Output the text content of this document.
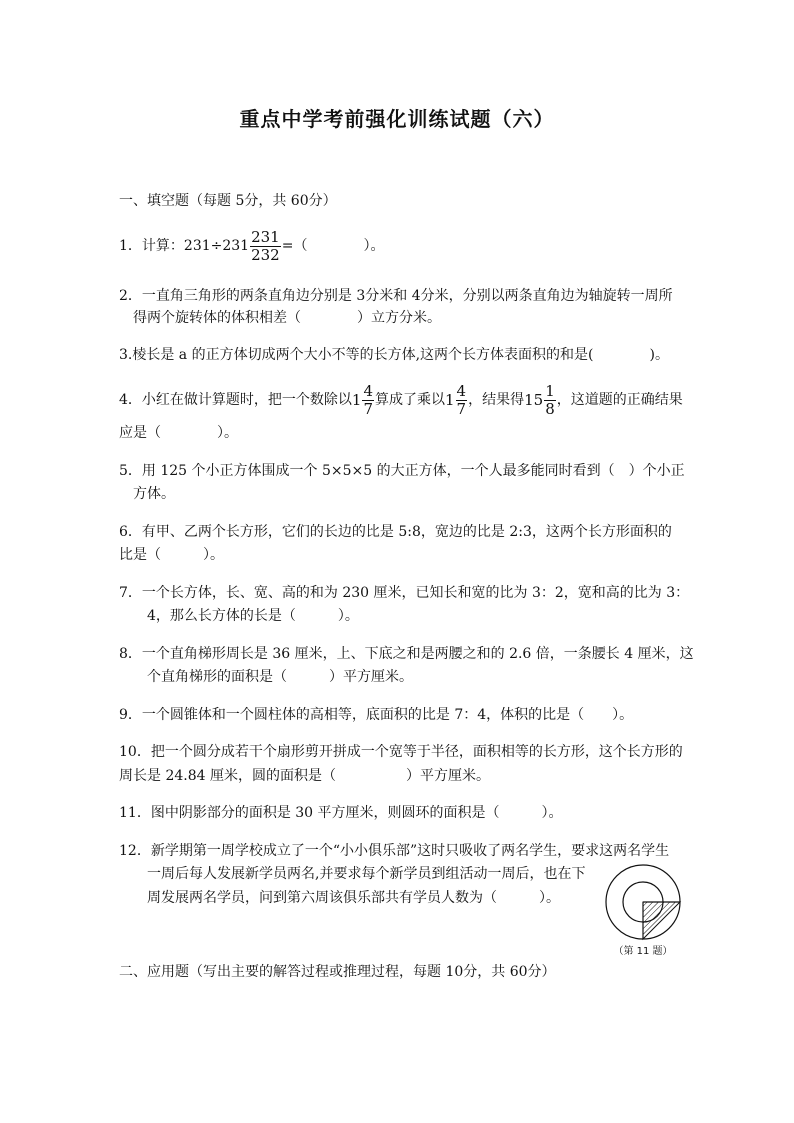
重点中学考前强化训练试题（六）
一、填空题（每题 5分，共 60分）
1．计算：$231\div 231 \frac{231}{232}$ =（　　　　）。
2．一直角三角形的两条直角边分别是 3分米和 4分米，分别以两条直角边为轴旋转一周所
得两个旋转体的体积相差（　　　　）立方分米。
3.棱长是 a 的正方体切成两个大小不等的长方体,这两个长方体表面积的和是(　　　　)。
4．小红在做计算题时，把一个数除以$1 \frac{4}{7}$ 算成了乘以$1 \frac{4}{7}$ ，结果得$15 \frac{1}{8}$ ，这道题的正确结果
应是（　　　　）。
5．用 125 个小正方体围成一个 5×5×5 的大正方体，一个人最多能同时看到（　）个小正
方体。
6．有甲、乙两个长方形，它们的长边的比是 5:8，宽边的比是 2:3，这两个长方形面积的
比是（　　　）。
7．一个长方体，长、宽、高的和为 230 厘米，已知长和宽的比为 3：2，宽和高的比为 3：
4，那么长方体的长是（　　　）。
8．一个直角梯形周长是 36 厘米，上、下底之和是两腰之和的 2.6 倍，一条腰长 4 厘米，这
个直角梯形的面积是（　　　）平方厘米。
9．一个圆锥体和一个圆柱体的高相等，底面积的比是 7：4，体积的比是（　　）。
10．把一个圆分成若干个扇形剪开拼成一个宽等于半径，面积相等的长方形，这个长方形的
周长是 24.84 厘米，圆的面积是（　　　　　）平方厘米。
11．图中阴影部分的面积是 30 平方厘米，则圆环的面积是（　　　）。
12．新学期第一周学校成立了一个“小小俱乐部”这时只吸收了两名学生，要求这两名学生
一周后每人发展新学员两名,并要求每个新学员到组活动一周后，也在下
周发展两名学员，问到第六周该俱乐部共有学员人数为（　　　）。
（第 11 题）
二、应用题（写出主要的解答过程或推理过程，每题 10分，共 60分）
